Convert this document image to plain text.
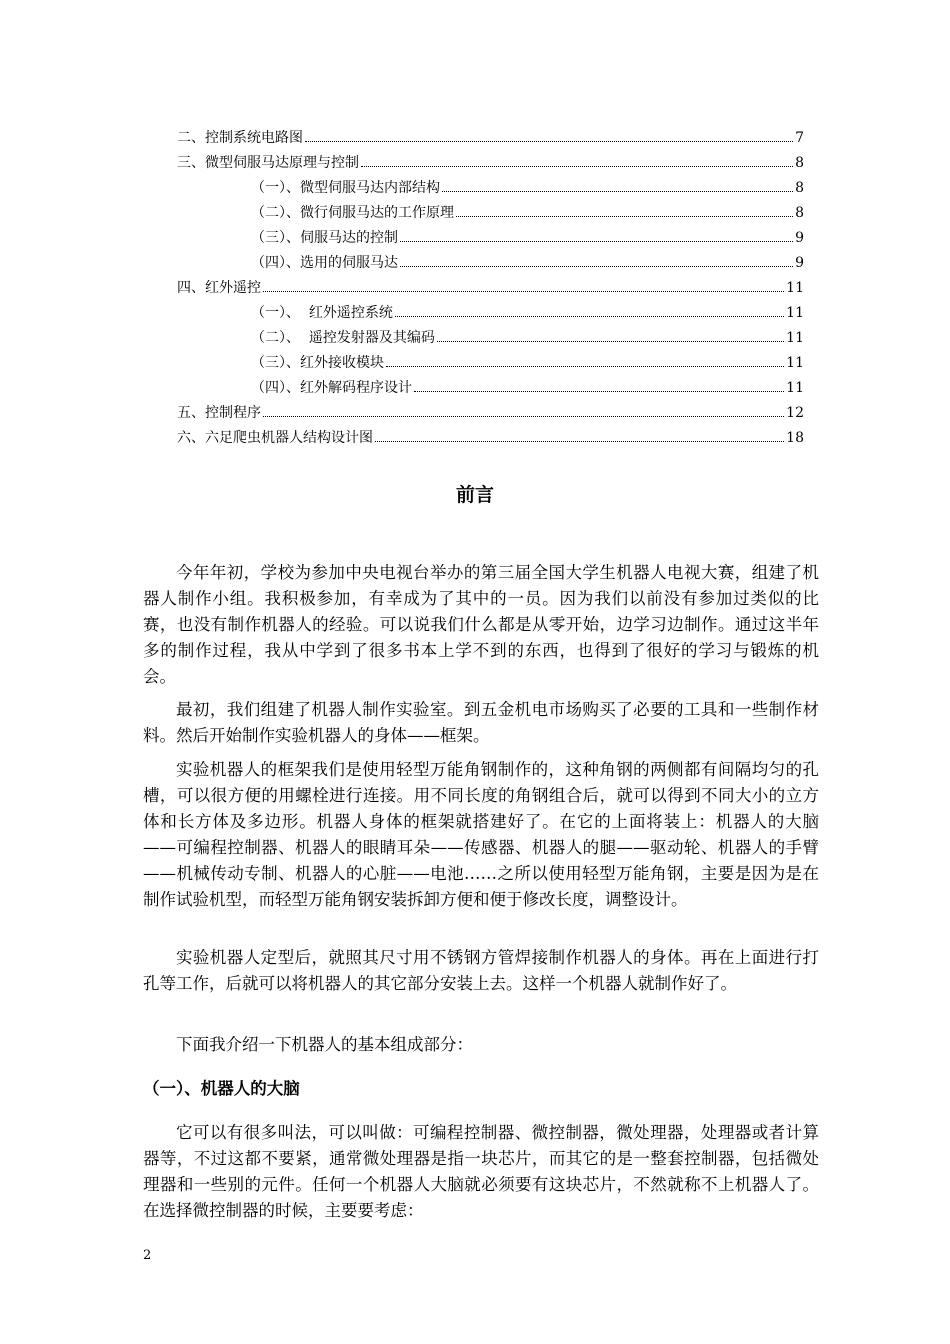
二、控制系统电路图	7
三、微型伺服马达原理与控制	8
（一）、微型伺服马达内部结构	8
（二）、微行伺服马达的工作原理	8
（三）、伺服马达的控制	9
（四）、选用的伺服马达	9
四、红外遥控	11
（一）、  红外遥控系统	11
（二）、  遥控发射器及其编码	11
（三）、红外接收模块	11
（四）、红外解码程序设计	11
五、控制程序	12
六、六足爬虫机器人结构设计图	18
前言

今年年初，学校为参加中央电视台举办的第三届全国大学生机器人电视大赛，组建了机器人制作小组。我积极参加，有幸成为了其中的一员。因为我们以前没有参加过类似的比赛，也没有制作机器人的经验。可以说我们什么都是从零开始，边学习边制作。通过这半年多的制作过程，我从中学到了很多书本上学不到的东西，也得到了很好的学习与锻炼的机会。

最初，我们组建了机器人制作实验室。到五金机电市场购买了必要的工具和一些制作材料。然后开始制作实验机器人的身体——框架。

实验机器人的框架我们是使用轻型万能角钢制作的，这种角钢的两侧都有间隔均匀的孔槽，可以很方便的用螺栓进行连接。用不同长度的角钢组合后，就可以得到不同大小的立方体和长方体及多边形。机器人身体的框架就搭建好了。在它的上面将装上：机器人的大脑——可编程控制器、机器人的眼睛耳朵——传感器、机器人的腿——驱动轮、机器人的手臂——机械传动专制、机器人的心脏——电池……之所以使用轻型万能角钢，主要是因为是在制作试验机型，而轻型万能角钢安装拆卸方便和便于修改长度，调整设计。

实验机器人定型后，就照其尺寸用不锈钢方管焊接制作机器人的身体。再在上面进行打孔等工作，后就可以将机器人的其它部分安装上去。这样一个机器人就制作好了。

下面我介绍一下机器人的基本组成部分：

（一）、机器人的大脑

它可以有很多叫法，可以叫做：可编程控制器、微控制器，微处理器，处理器或者计算器等，不过这都不要紧，通常微处理器是指一块芯片，而其它的是一整套控制器，包括微处理器和一些别的元件。任何一个机器人大脑就必须要有这块芯片，不然就称不上机器人了。在选择微控制器的时候，主要要考虑：

2
